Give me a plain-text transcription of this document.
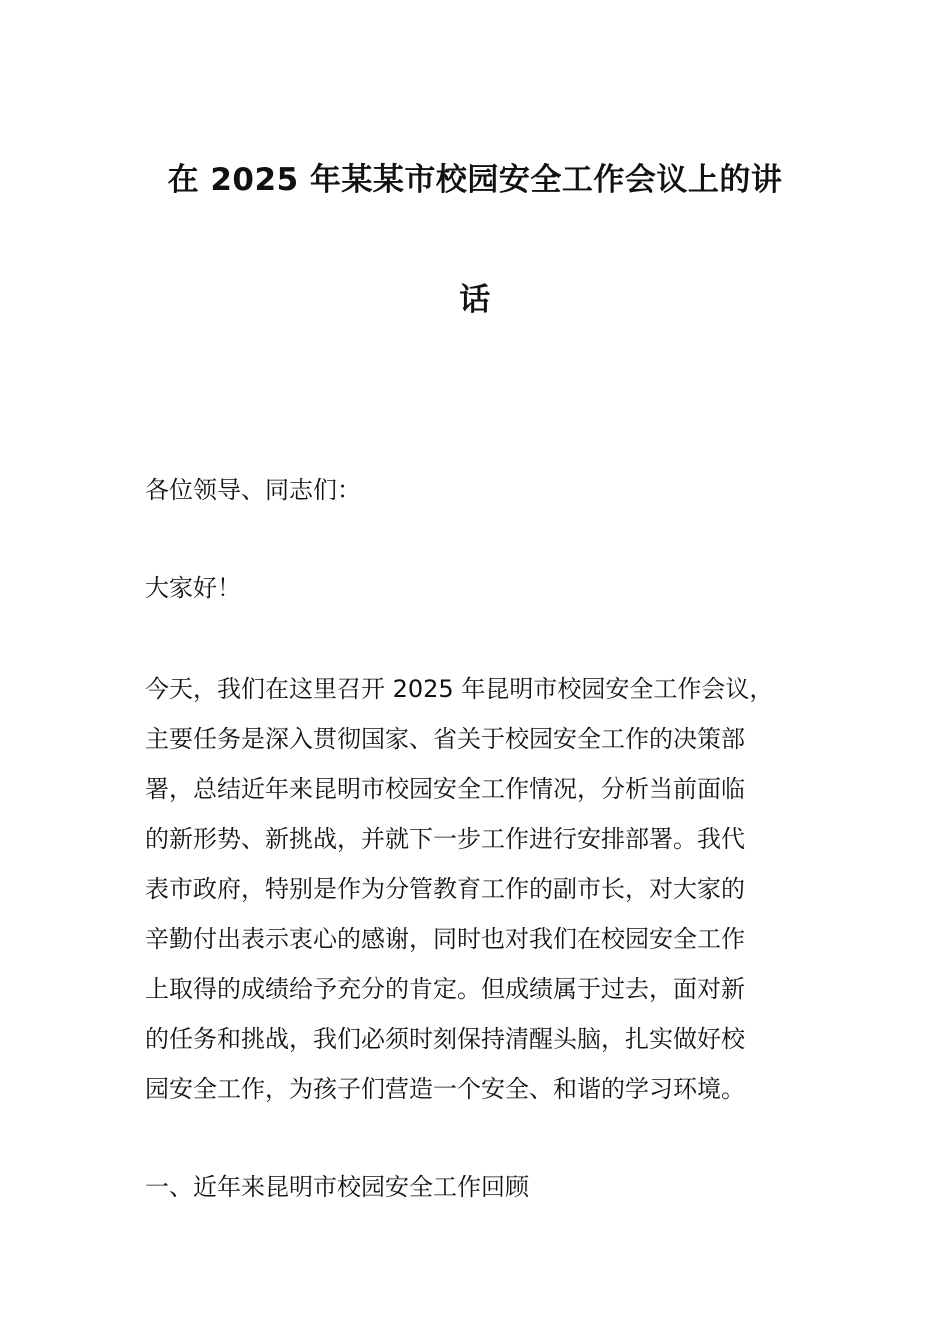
在 2025 年某某市校园安全工作会议上的讲
话

各位领导、同志们：

大家好！

今天，我们在这里召开 2025 年昆明市校园安全工作会议，
主要任务是深入贯彻国家、省关于校园安全工作的决策部
署，总结近年来昆明市校园安全工作情况，分析当前面临
的新形势、新挑战，并就下一步工作进行安排部署。我代
表市政府，特别是作为分管教育工作的副市长，对大家的
辛勤付出表示衷心的感谢，同时也对我们在校园安全工作
上取得的成绩给予充分的肯定。但成绩属于过去，面对新
的任务和挑战，我们必须时刻保持清醒头脑，扎实做好校
园安全工作，为孩子们营造一个安全、和谐的学习环境。

一、近年来昆明市校园安全工作回顾
